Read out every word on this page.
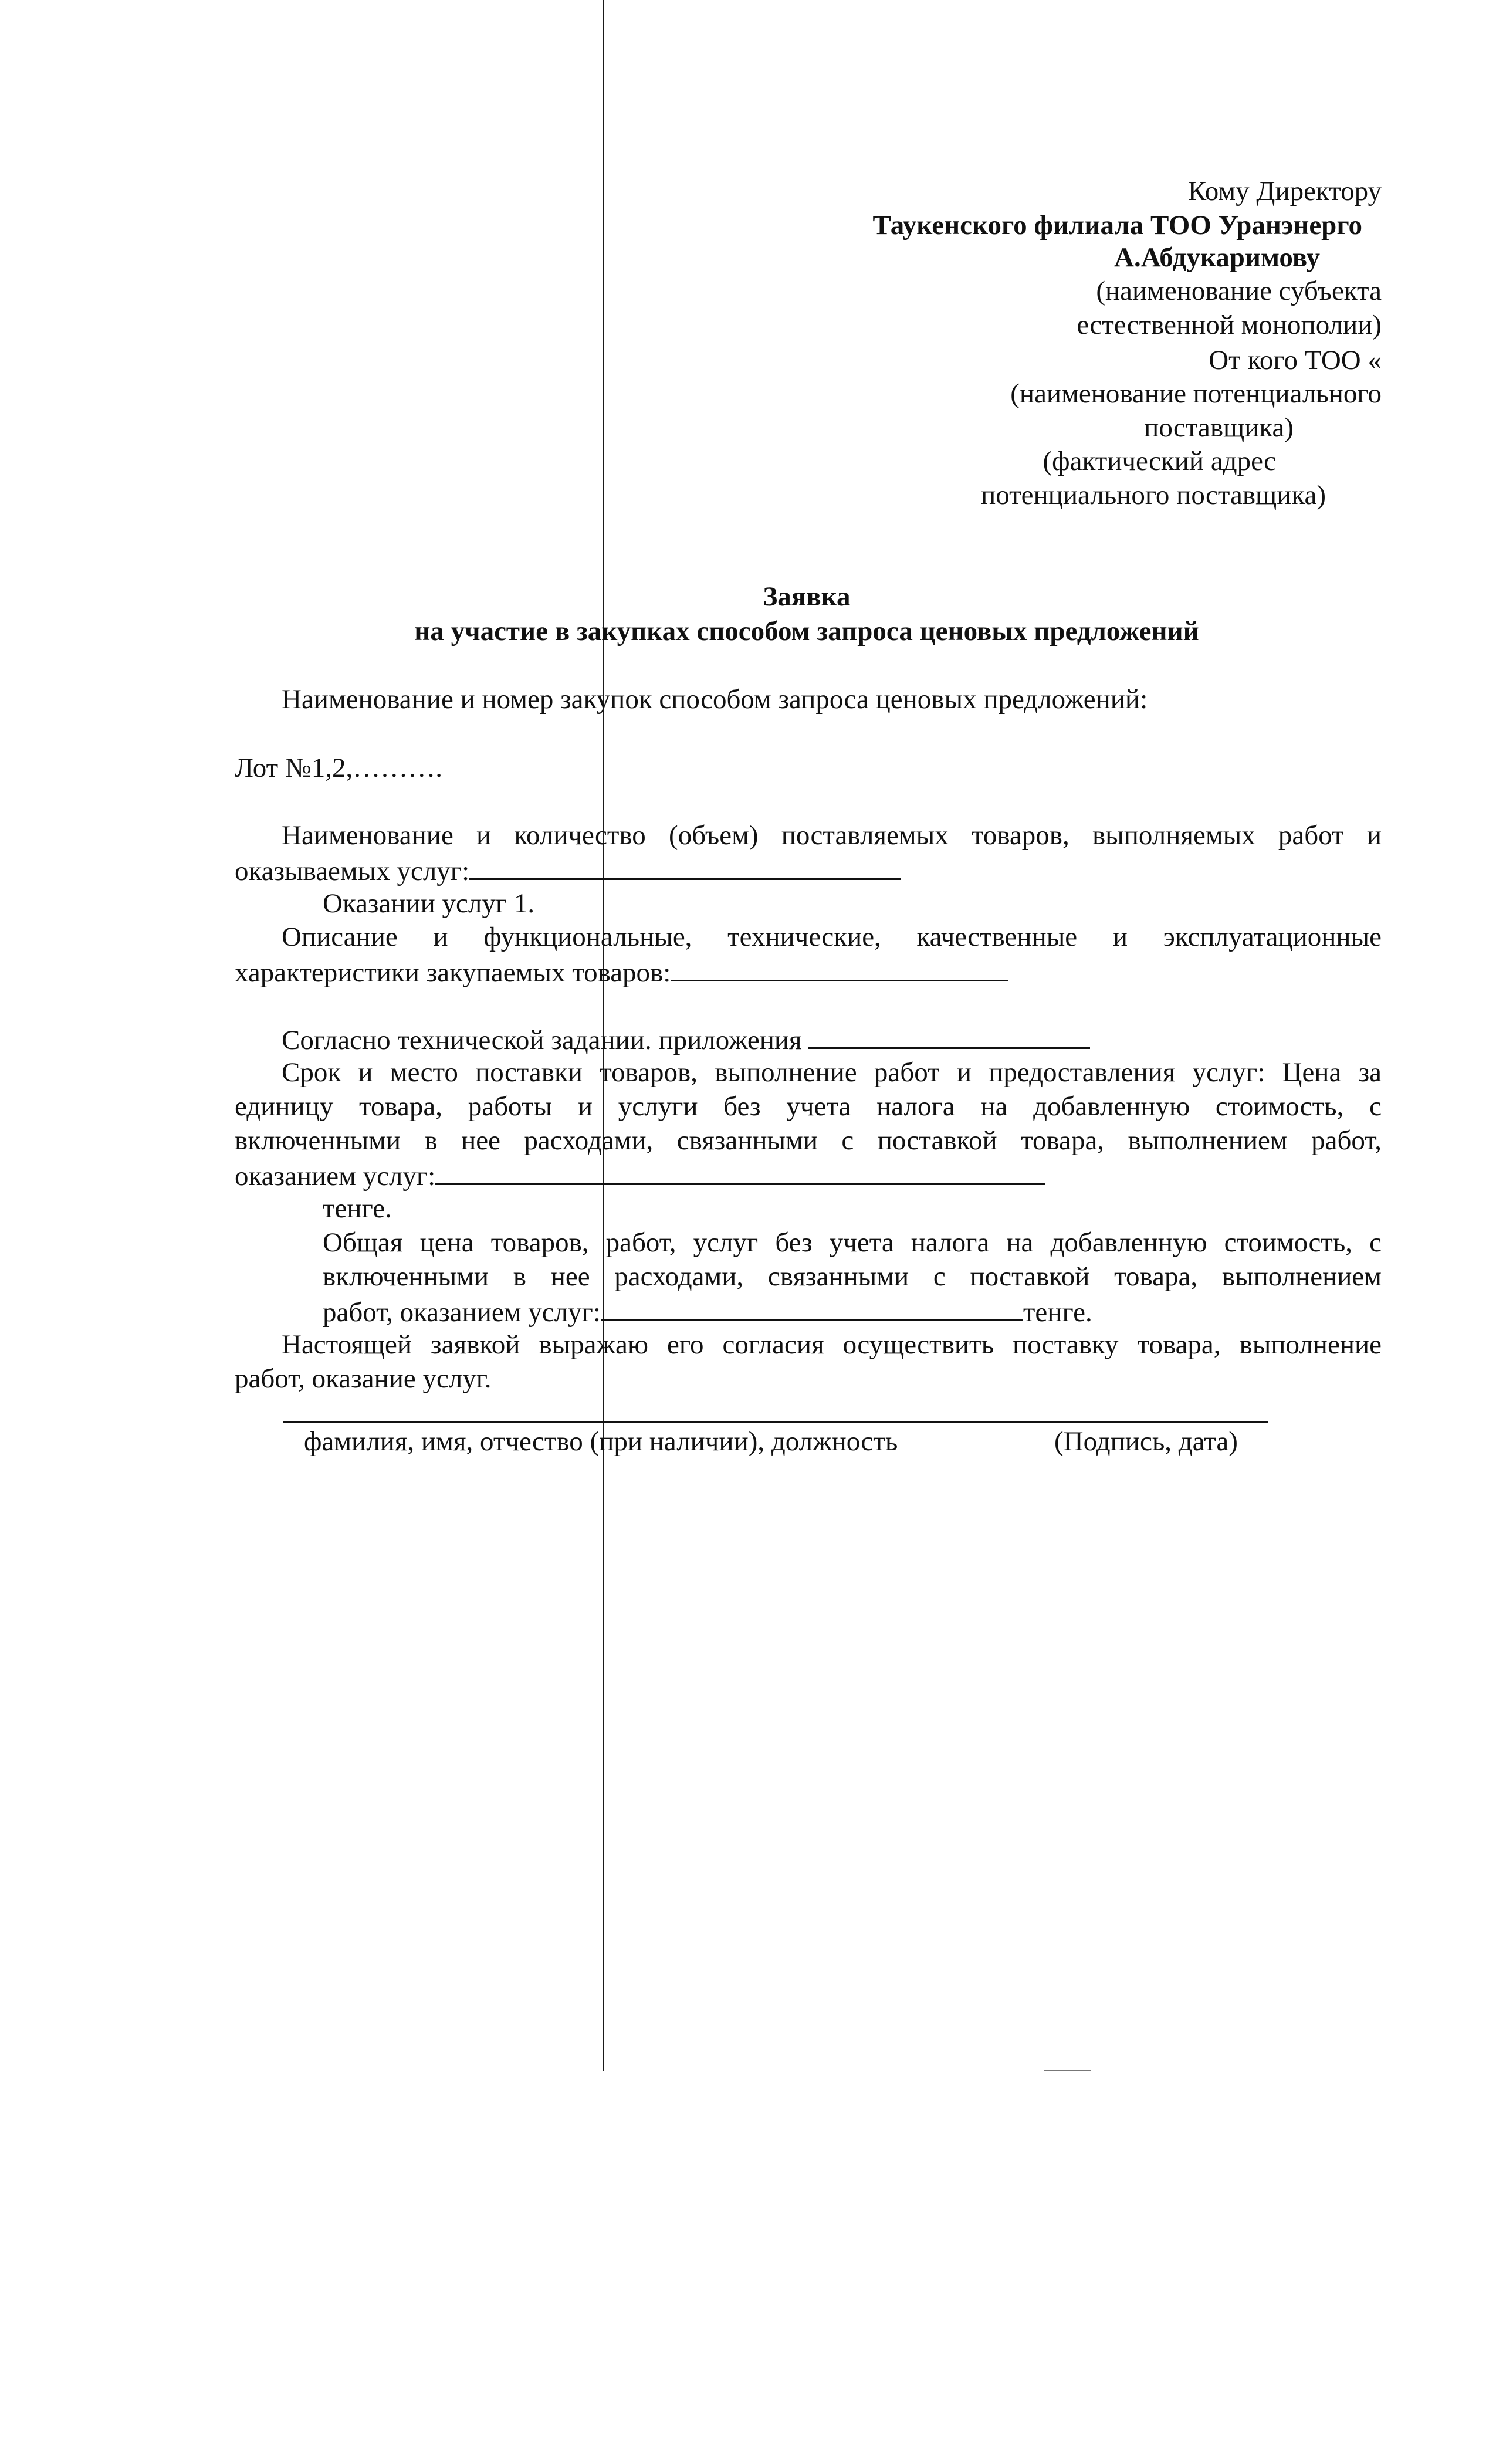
Кому Директору
Таукенского филиала ТОО Уранэнерго
А.Абдукаримову
(наименование субъекта
естественной монополии)
От кого ТОО «
(наименование потенциального
поставщика)
(фактический адрес
потенциального поставщика)
Заявка
на участие в закупках способом запроса ценовых предложений
Наименование и номер закупок способом запроса ценовых предложений:
Лот №1,2,……….
Наименование и количество (объем) поставляемых товаров, выполняемых работ и
оказываемых услуг:
Оказании услуг 1.
Описание и функциональные, технические, качественные и эксплуатационные
характеристики закупаемых товаров:
Согласно технической задании. приложения
Срок и место поставки товаров, выполнение работ и предоставления услуг: Цена за
единицу товара, работы и услуги без учета налога на добавленную стоимость, с
включенными в нее расходами, связанными с поставкой товара, выполнением работ,
оказанием услуг:
тенге.
Общая цена товаров, работ, услуг без учета налога на добавленную стоимость, с
включенными в нее расходами, связанными с поставкой товара, выполнением
работ, оказанием услуг:	тенге.
Настоящей заявкой выражаю его согласия осуществить поставку товара, выполнение
работ, оказание услуг.
фамилия, имя, отчество (при наличии), должность	(Подпись, дата)
